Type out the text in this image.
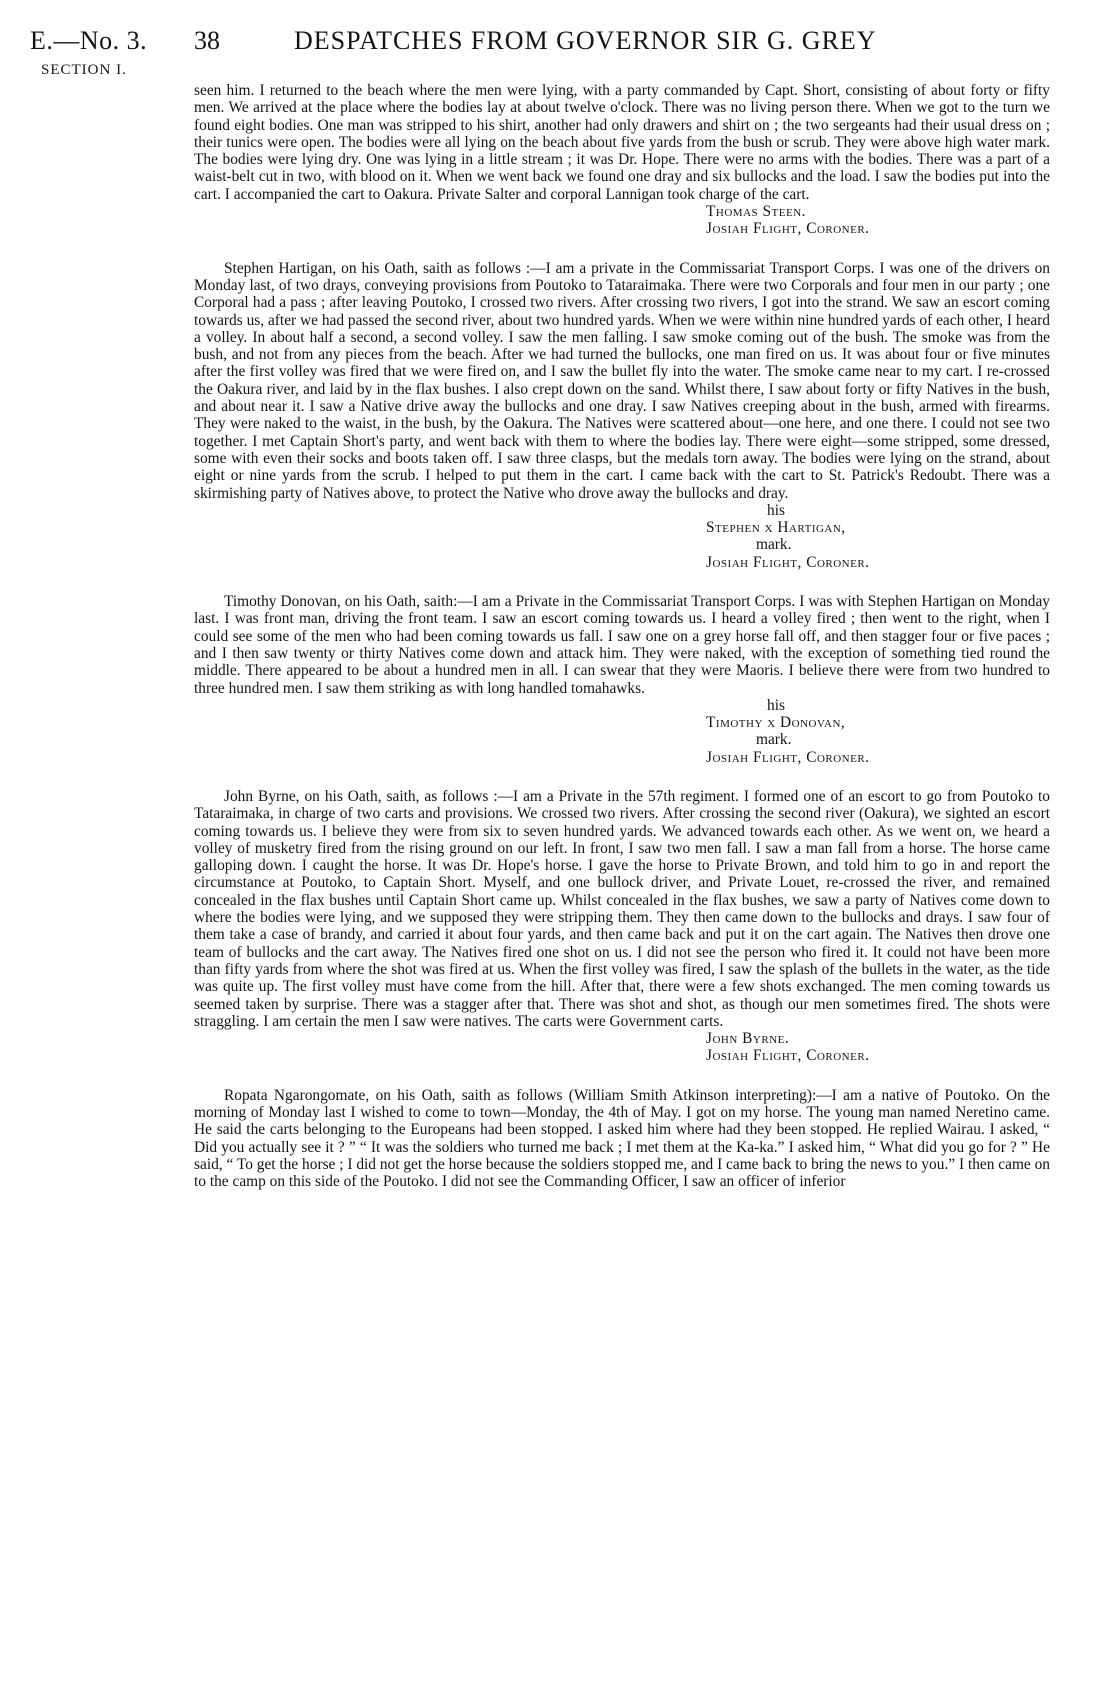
E.—No. 3.
SECTION I.
38	DESPATCHES FROM GOVERNOR SIR G. GREY

seen him. I returned to the beach where the men were lying, with a party commanded by Capt. Short, consisting of about forty or fifty men. We arrived at the place where the bodies lay at about twelve o'clock. There was no living person there. When we got to the turn we found eight bodies. One man was stripped to his shirt, another had only drawers and shirt on ; the two sergeants had their usual dress on ; their tunics were open. The bodies were all lying on the beach about five yards from the bush or scrub. They were above high water mark. The bodies were lying dry. One was lying in a little stream ; it was Dr. Hope. There were no arms with the bodies. There was a part of a waist-belt cut in two, with blood on it. When we went back we found one dray and six bullocks and the load. I saw the bodies put into the cart. I accompanied the cart to Oakura. Private Salter and corporal Lannigan took charge of the cart.

Thomas Steen.
Josiah Flight, Coroner.

Stephen Hartigan, on his Oath, saith as follows :—I am a private in the Commissariat Transport Corps. I was one of the drivers on Monday last, of two drays, conveying provisions from Poutoko to Tataraimaka. There were two Corporals and four men in our party ; one Corporal had a pass ; after leaving Poutoko, I crossed two rivers. After crossing two rivers, I got into the strand. We saw an escort coming towards us, after we had passed the second river, about two hundred yards. When we were within nine hundred yards of each other, I heard a volley. In about half a second, a second volley. I saw the men falling. I saw smoke coming out of the bush. The smoke was from the bush, and not from any pieces from the beach. After we had turned the bullocks, one man fired on us. It was about four or five minutes after the first volley was fired that we were fired on, and I saw the bullet fly into the water. The smoke came near to my cart. I re-crossed the Oakura river, and laid by in the flax bushes. I also crept down on the sand. Whilst there, I saw about forty or fifty Natives in the bush, and about near it. I saw a Native drive away the bullocks and one dray. I saw Natives creeping about in the bush, armed with firearms. They were naked to the waist, in the bush, by the Oakura. The Natives were scattered about—one here, and one there. I could not see two together. I met Captain Short's party, and went back with them to where the bodies lay. There were eight—some stripped, some dressed, some with even their socks and boots taken off. I saw three clasps, but the medals torn away. The bodies were lying on the strand, about eight or nine yards from the scrub. I helped to put them in the cart. I came back with the cart to St. Patrick's Redoubt. There was a skirmishing party of Natives above, to protect the Native who drove away the bullocks and dray.

his
Stephen x Hartigan,
mark.
Josiah Flight, Coroner.

Timothy Donovan, on his Oath, saith:—I am a Private in the Commissariat Transport Corps. I was with Stephen Hartigan on Monday last. I was front man, driving the front team. I saw an escort coming towards us. I heard a volley fired ; then went to the right, when I could see some of the men who had been coming towards us fall. I saw one on a grey horse fall off, and then stagger four or five paces ; and I then saw twenty or thirty Natives come down and attack him. They were naked, with the exception of something tied round the middle. There appeared to be about a hundred men in all. I can swear that they were Maoris. I believe there were from two hundred to three hundred men. I saw them striking as with long handled tomahawks.

his
Timothy x Donovan,
mark.
Josiah Flight, Coroner.

John Byrne, on his Oath, saith, as follows :—I am a Private in the 57th regiment. I formed one of an escort to go from Poutoko to Tataraimaka, in charge of two carts and provisions. We crossed two rivers. After crossing the second river (Oakura), we sighted an escort coming towards us. I believe they were from six to seven hundred yards. We advanced towards each other. As we went on, we heard a volley of musketry fired from the rising ground on our left. In front, I saw two men fall. I saw a man fall from a horse. The horse came galloping down. I caught the horse. It was Dr. Hope's horse. I gave the horse to Private Brown, and told him to go in and report the circumstance at Poutoko, to Captain Short. Myself, and one bullock driver, and Private Louet, re-crossed the river, and remained concealed in the flax bushes until Captain Short came up. Whilst concealed in the flax bushes, we saw a party of Natives come down to where the bodies were lying, and we supposed they were stripping them. They then came down to the bullocks and drays. I saw four of them take a case of brandy, and carried it about four yards, and then came back and put it on the cart again. The Natives then drove one team of bullocks and the cart away. The Natives fired one shot on us. I did not see the person who fired it. It could not have been more than fifty yards from where the shot was fired at us. When the first volley was fired, I saw the splash of the bullets in the water, as the tide was quite up. The first volley must have come from the hill. After that, there were a few shots exchanged. The men coming towards us seemed taken by surprise. There was a stagger after that. There was shot and shot, as though our men sometimes fired. The shots were straggling. I am certain the men I saw were natives. The carts were Government carts.

John Byrne.
Josiah Flight, Coroner.

Ropata Ngarongomate, on his Oath, saith as follows (William Smith Atkinson interpreting):—I am a native of Poutoko. On the morning of Monday last I wished to come to town—Monday, the 4th of May. I got on my horse. The young man named Neretino came. He said the carts belonging to the Europeans had been stopped. I asked him where had they been stopped. He replied Wairau. I asked, “ Did you actually see it ? ” “ It was the soldiers who turned me back ; I met them at the Ka-ka.” I asked him, “ What did you go for ? ” He said, “ To get the horse ; I did not get the horse because the soldiers stopped me, and I came back to bring the news to you.” I then came on to the camp on this side of the Poutoko. I did not see the Commanding Officer, I saw an officer of inferior
